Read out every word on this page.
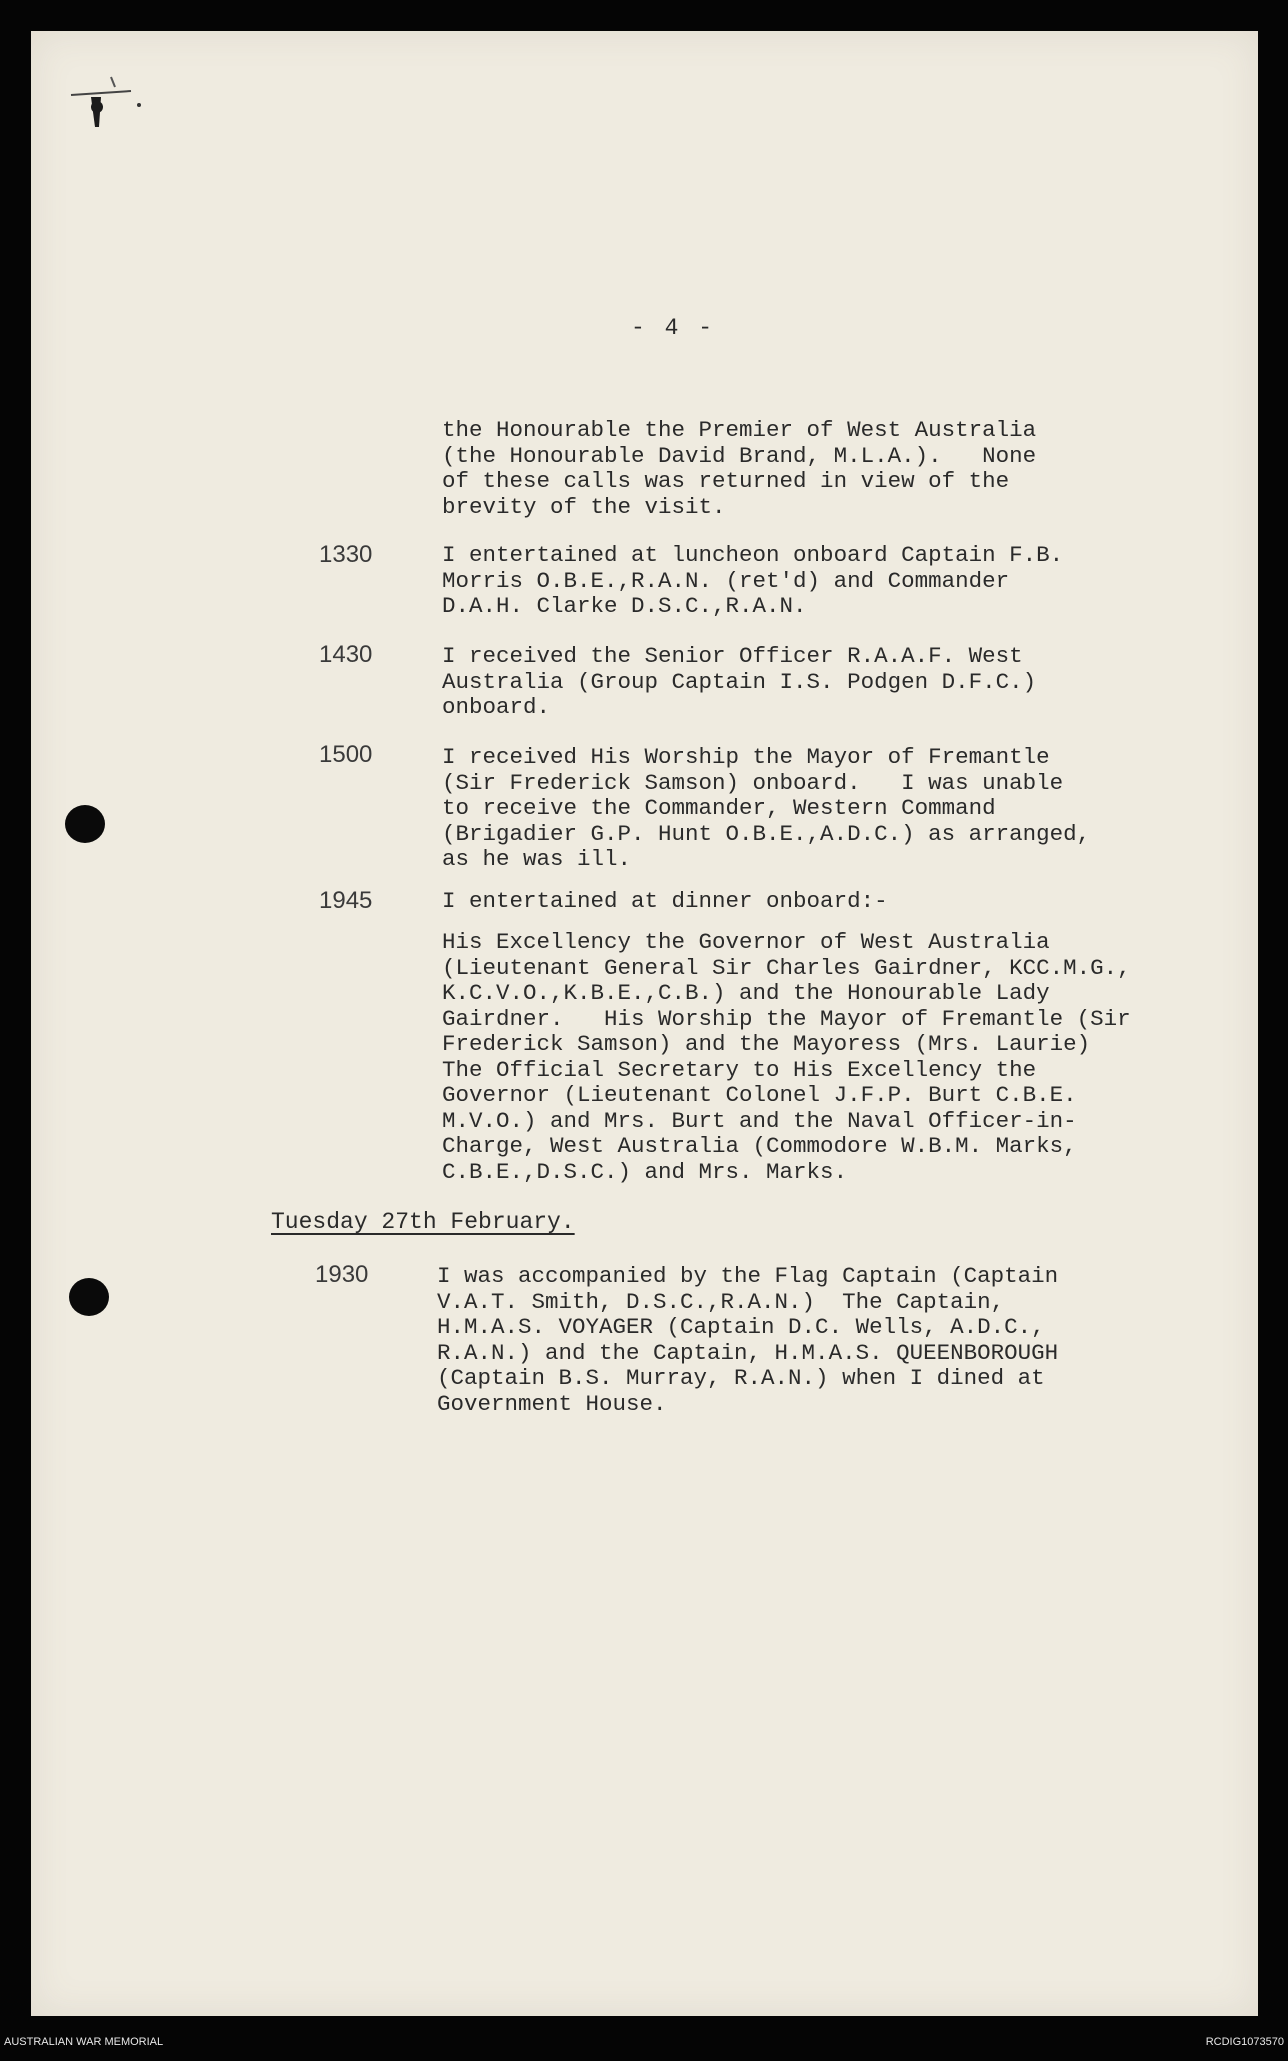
- 4 -
the Honourable the Premier of West Australia
(the Honourable David Brand, M.L.A.).   None
of these calls was returned in view of the
brevity of the visit.
1330	I entertained at luncheon onboard Captain F.B.
Morris O.B.E.,R.A.N. (ret'd) and Commander
D.A.H. Clarke D.S.C.,R.A.N.
1430	I received the Senior Officer R.A.A.F. West
Australia (Group Captain I.S. Podgen D.F.C.)
onboard.
1500	I received His Worship the Mayor of Fremantle
(Sir Frederick Samson) onboard.   I was unable
to receive the Commander, Western Command
(Brigadier G.P. Hunt O.B.E.,A.D.C.) as arranged,
as he was ill.
1945	I entertained at dinner onboard:-
His Excellency the Governor of West Australia
(Lieutenant General Sir Charles Gairdner, KCC.M.G.,
K.C.V.O.,K.B.E.,C.B.) and the Honourable Lady
Gairdner.   His Worship the Mayor of Fremantle (Sir
Frederick Samson) and the Mayoress (Mrs. Laurie)
The Official Secretary to His Excellency the
Governor (Lieutenant Colonel J.F.P. Burt C.B.E.
M.V.O.) and Mrs. Burt and the Naval Officer-in-
Charge, West Australia (Commodore W.B.M. Marks,
C.B.E.,D.S.C.) and Mrs. Marks.
Tuesday 27th February.
1930	I was accompanied by the Flag Captain (Captain
V.A.T. Smith, D.S.C.,R.A.N.)  The Captain,
H.M.A.S. VOYAGER (Captain D.C. Wells, A.D.C.,
R.A.N.) and the Captain, H.M.A.S. QUEENBOROUGH
(Captain B.S. Murray, R.A.N.) when I dined at
Government House.
AUSTRALIAN WAR MEMORIAL	RCDIG1073570
